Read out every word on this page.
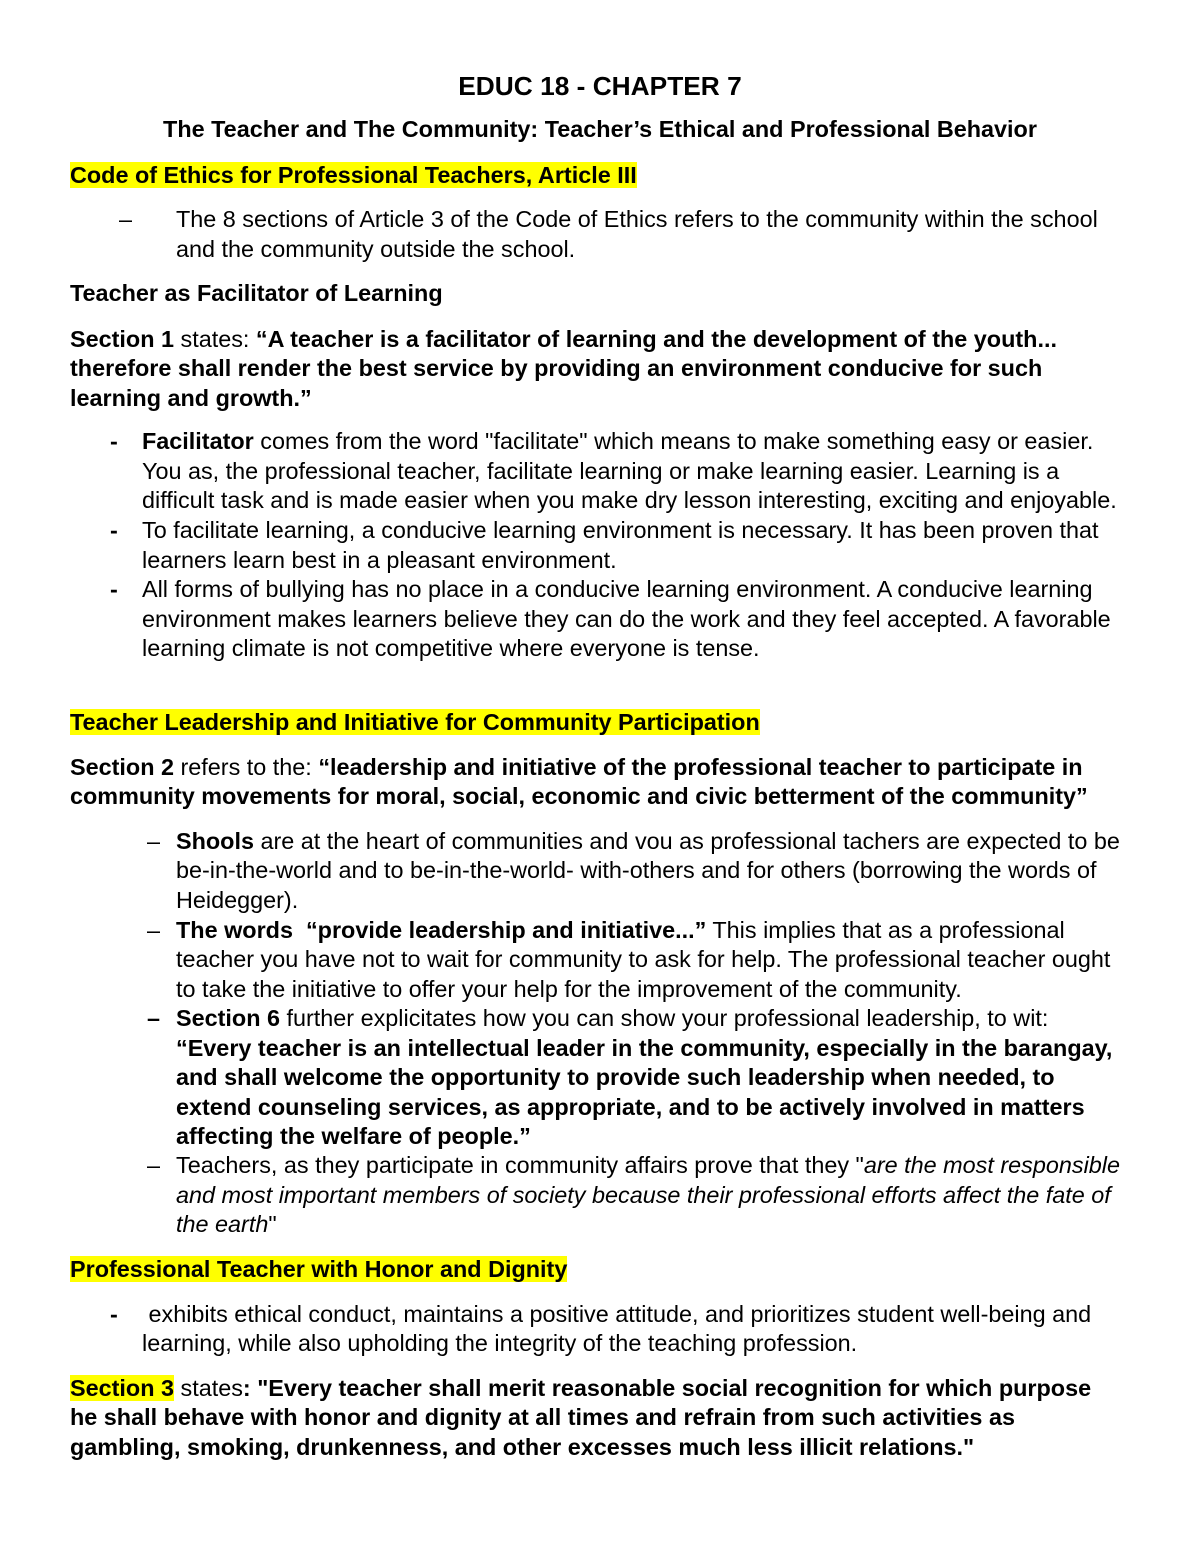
EDUC 18 - CHAPTER 7
The Teacher and The Community: Teacher’s Ethical and Professional Behavior
Code of Ethics for Professional Teachers, Article III
– The 8 sections of Article 3 of the Code of Ethics refers to the community within the school
and the community outside the school.
Teacher as Facilitator of Learning
Section 1 states: “A teacher is a facilitator of learning and the development of the youth...
therefore shall render the best service by providing an environment conducive for such
learning and growth.”
- Facilitator comes from the word "facilitate" which means to make something easy or easier.
You as, the professional teacher, facilitate learning or make learning easier. Learning is a
difficult task and is made easier when you make dry lesson interesting, exciting and enjoyable.
- To facilitate learning, a conducive learning environment is necessary. It has been proven that
learners learn best in a pleasant environment.
- All forms of bullying has no place in a conducive learning environment. A conducive learning
environment makes learners believe they can do the work and they feel accepted. A favorable
learning climate is not competitive where everyone is tense.
Teacher Leadership and Initiative for Community Participation
Section 2 refers to the: “leadership and initiative of the professional teacher to participate in
community movements for moral, social, economic and civic betterment of the community”
– Shools are at the heart of communities and vou as professional tachers are expected to be
be-in-the-world and to be-in-the-world- with-others and for others (borrowing the words of
Heidegger).
– The words  “provide leadership and initiative...” This implies that as a professional
teacher you have not to wait for community to ask for help. The professional teacher ought
to take the initiative to offer your help for the improvement of the community.
– Section 6 further explicitates how you can show your professional leadership, to wit:
“Every teacher is an intellectual leader in the community, especially in the barangay,
and shall welcome the opportunity to provide such leadership when needed, to
extend counseling services, as appropriate, and to be actively involved in matters
affecting the welfare of people.”
– Teachers, as they participate in community affairs prove that they "are the most responsible
and most important members of society because their professional efforts affect the fate of
the earth"
Professional Teacher with Honor and Dignity
- exhibits ethical conduct, maintains a positive attitude, and prioritizes student well-being and
learning, while also upholding the integrity of the teaching profession.
Section 3 states: "Every teacher shall merit reasonable social recognition for which purpose
he shall behave with honor and dignity at all times and refrain from such activities as
gambling, smoking, drunkenness, and other excesses much less illicit relations."
